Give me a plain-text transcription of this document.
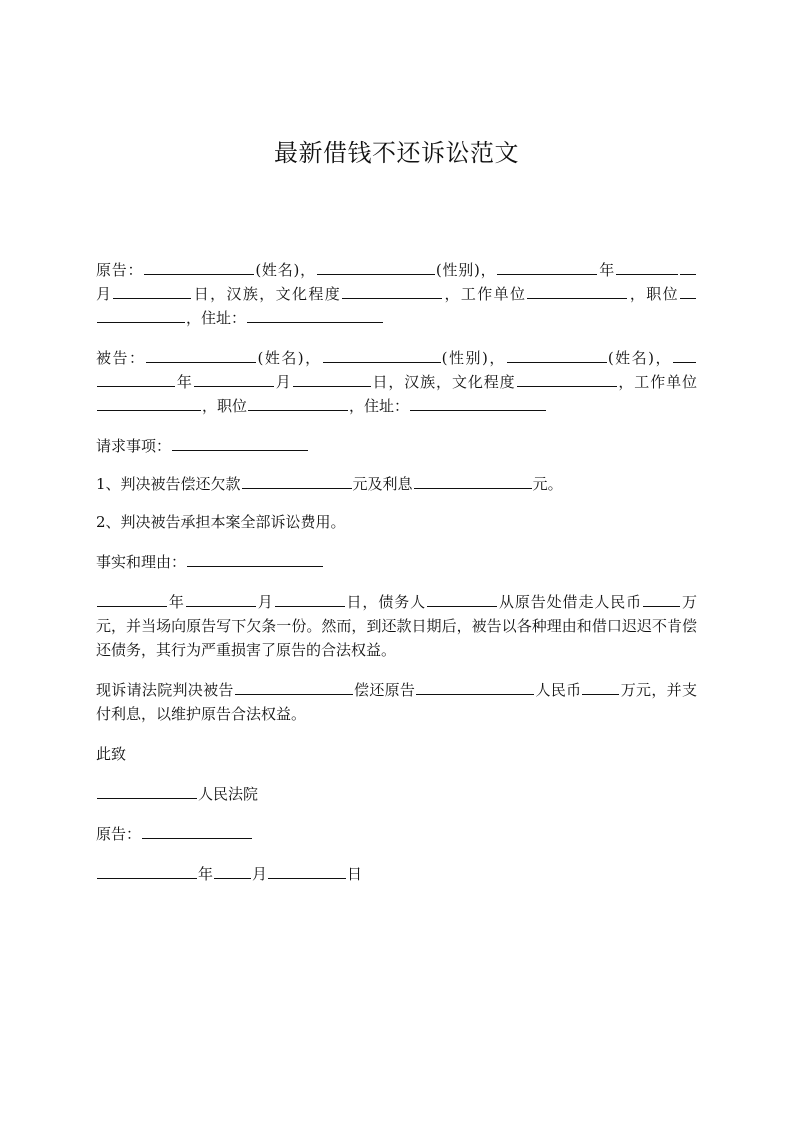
最新借钱不还诉讼范文

原告：	(姓名)，	(性别)，	年月	日，汉族，文化程度	，工作单位	，职位，住址：

被告：	(姓名)，	(性别)，	(姓名)，年	月	日，汉族，文化程度	，工作单位，职位	，住址：

请求事项：

1、判决被告偿还欠款	元及利息	元。

2、判决被告承担本案全部诉讼费用。

事实和理由：

年	月	日，债务人	从原告处借走人民币	万元，并当场向原告写下欠条一份。然而，到还款日期后，被告以各种理由和借口迟迟不肯偿还债务，其行为严重损害了原告的合法权益。

现诉请法院判决被告	偿还原告	人民币	万元，并支付利息，以维护原告合法权益。

此致

人民法院

原告：

年	月	日
